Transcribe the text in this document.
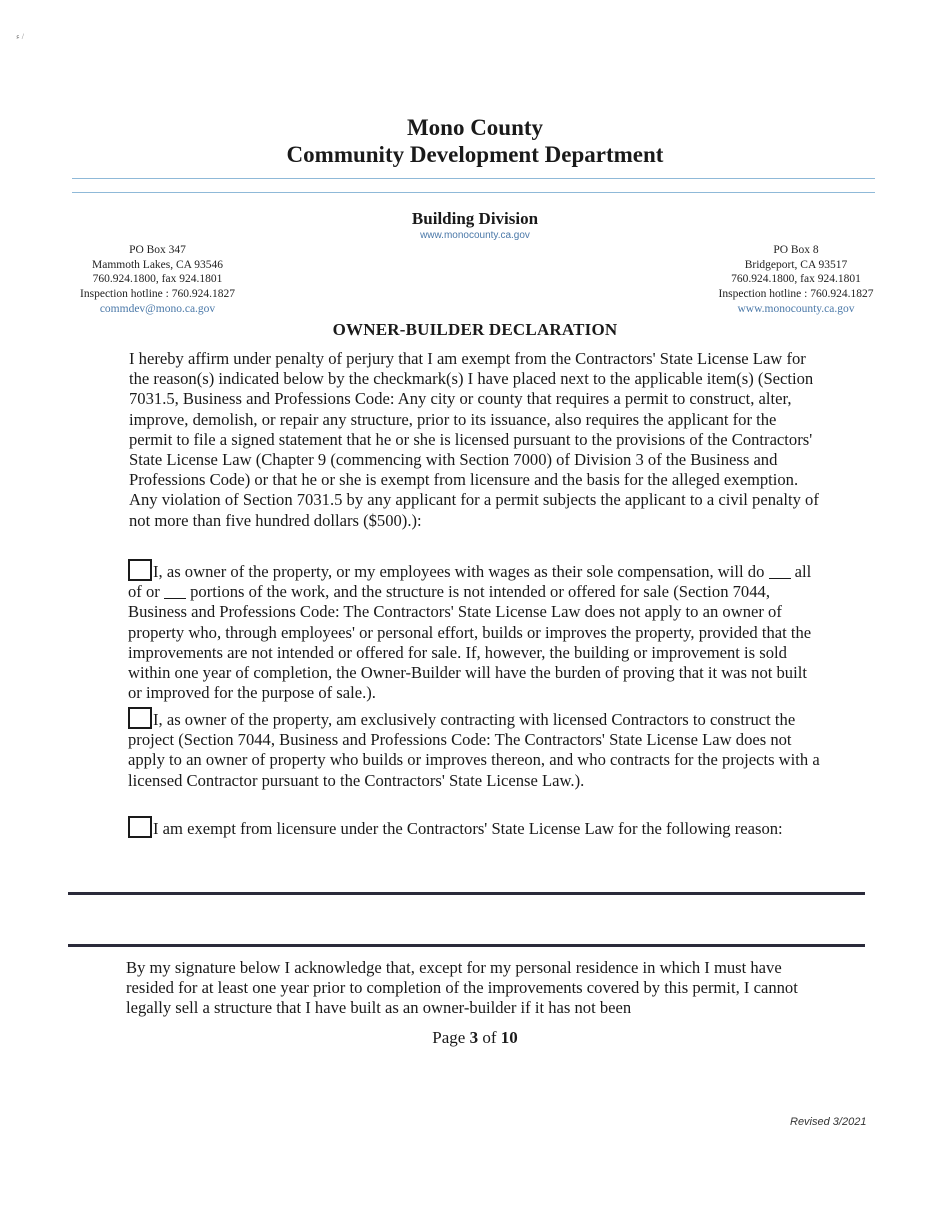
ء /
Mono County
Community Development Department
Building Division
www.monocounty.ca.gov
PO Box 347
Mammoth Lakes, CA 93546
760.924.1800, fax 924.1801
Inspection hotline : 760.924.1827
commdev@mono.ca.gov
PO Box 8
Bridgeport, CA 93517
760.924.1800, fax 924.1801
Inspection hotline : 760.924.1827
www.monocounty.ca.gov
OWNER-BUILDER DECLARATION
I hereby affirm under penalty of perjury that I am exempt from the Contractors' State License Law for the reason(s) indicated below by the checkmark(s) I have placed next to the applicable item(s) (Section 7031.5, Business and Professions Code: Any city or county that requires a permit to construct, alter, improve, demolish, or repair any structure, prior to its issuance, also requires the applicant for the permit to file a signed statement that he or she is licensed pursuant to the provisions of the Contractors' State License Law (Chapter 9 (commencing with Section 7000) of Division 3 of the Business and Professions Code) or that he or she is exempt from licensure and the basis for the alleged exemption. Any violation of Section 7031.5 by any applicant for a permit subjects the applicant to a civil penalty of not more than five hundred dollars ($500).):
I, as owner of the property, or my employees with wages as their sole compensation, will do all of or portions of the work, and the structure is not intended or offered for sale (Section 7044, Business and Professions Code: The Contractors' State License Law does not apply to an owner of property who, through employees' or personal effort, builds or improves the property, provided that the improvements are not intended or offered for sale. If, however, the building or improvement is sold within one year of completion, the Owner-Builder will have the burden of proving that it was not built or improved for the purpose of sale.).
I, as owner of the property, am exclusively contracting with licensed Contractors to construct the project (Section 7044, Business and Professions Code: The Contractors' State License Law does not apply to an owner of property who builds or improves thereon, and who contracts for the projects with a licensed Contractor pursuant to the Contractors' State License Law.).
I am exempt from licensure under the Contractors' State License Law for the following reason:
By my signature below I acknowledge that, except for my personal residence in which I must have resided for at least one year prior to completion of the improvements covered by this permit, I cannot legally sell a structure that I have built as an owner-builder if it has not been
Page 3 of 10
Revised 3/2021
